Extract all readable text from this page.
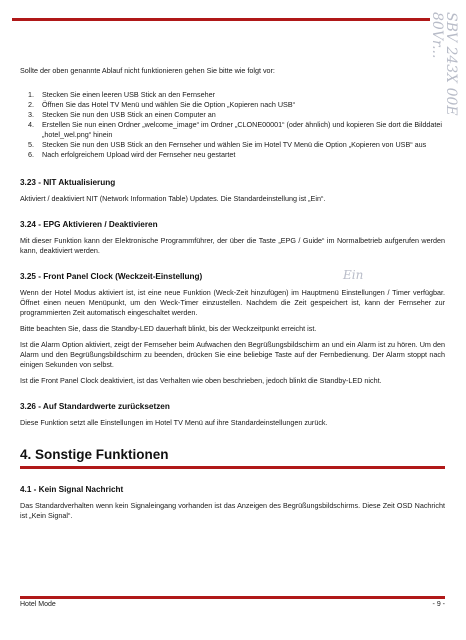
SBV 243X 00E 80Vr...

Sollte der oben genannte Ablauf nicht funktionieren gehen Sie bitte wie folgt vor:

1.	Stecken Sie einen leeren USB Stick an den Fernseher
2.	Öffnen Sie das Hotel TV Menü und wählen Sie die Option „Kopieren nach USB“
3.	Stecken Sie nun den USB Stick an einen Computer an
4.	Erstellen Sie nun einen Ordner „welcome_image“ im Ordner „CLONE00001“ (oder ähnlich) und kopieren Sie dort die Bilddatei „hotel_wel.png“ hinein
5.	Stecken Sie nun den USB Stick an den Fernseher und wählen Sie im Hotel TV Menü die Option „Kopieren von USB“ aus
6.	Nach erfolgreichem Upload wird der Fernseher neu gestartet
3.23 - NIT Aktualisierung

Aktiviert / deaktiviert NIT (Network Information Table) Updates. Die Standardeinstellung ist „Ein“.

3.24 - EPG Aktivieren / Deaktivieren

Mit dieser Funktion kann der Elektronische Programmführer, der über die Taste „EPG / Guide“ im Normalbetrieb aufgerufen werden kann, deaktiviert werden.

3.25 - Front Panel Clock (Weckzeit-Einstellung)

Wenn der Hotel Modus aktiviert ist, ist eine neue Funktion (Weck-Zeit hinzufügen) im Hauptmenü Einstellungen / Timer verfügbar. Öffnet einen neuen Menüpunkt, um den Weck-Timer einzustellen. Nachdem die Zeit gespeichert ist, kann der Fernseher zur programmierten Zeit automatisch eingeschaltet werden.

Bitte beachten Sie, dass die Standby-LED dauerhaft blinkt, bis der Weckzeitpunkt erreicht ist.

Ist die Alarm Option aktiviert, zeigt der Fernseher beim Aufwachen den Begrüßungsbildschirm an und ein Alarm ist zu hören. Um den Alarm und den Begrüßungsbildschirm zu beenden, drücken Sie eine beliebige Taste auf der Fernbedienung. Der Alarm stoppt nach einigen Sekunden von selbst.

Ist die Front Panel Clock deaktiviert, ist das Verhalten wie oben beschrieben, jedoch blinkt die Standby-LED nicht.

3.26 - Auf Standardwerte zurücksetzen

Diese Funktion setzt alle Einstellungen im Hotel TV Menü auf ihre Standardeinstellungen zurück.

4. Sonstige Funktionen
4.1 - Kein Signal Nachricht

Das Standardverhalten wenn kein Signaleingang vorhanden ist das Anzeigen des Begrüßungsbildschirms. Diese Zeit OSD Nachricht ist „Kein Signal“.

Ein
Hotel Mode	- 9 -
